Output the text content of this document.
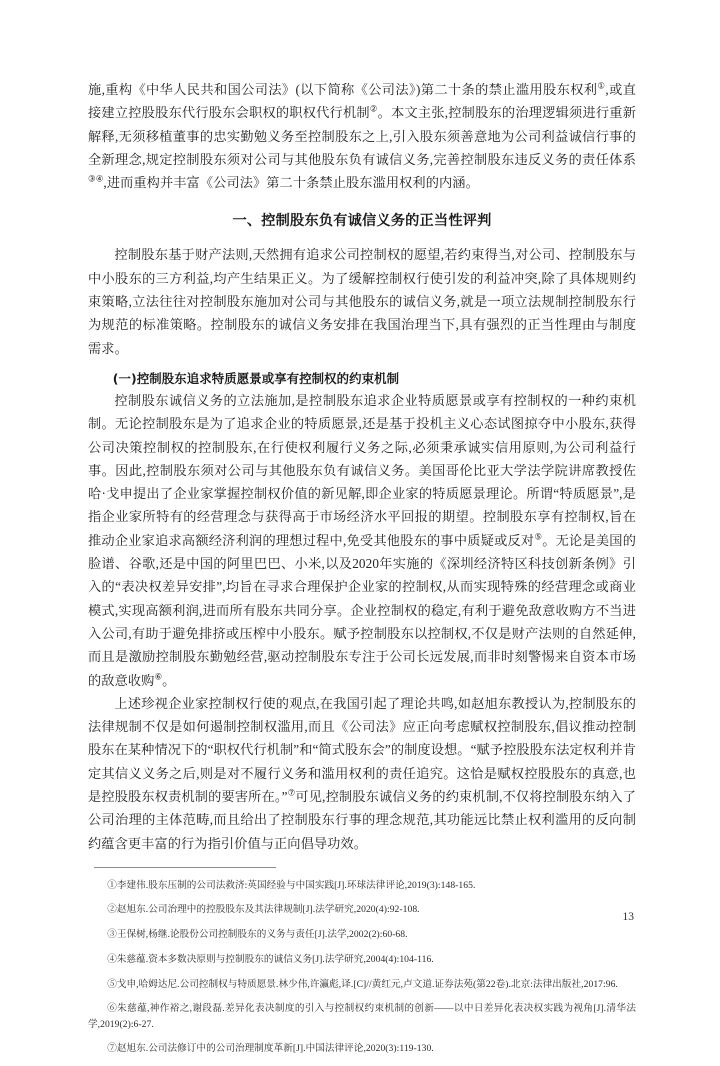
施,重构《中华人民共和国公司法》(以下简称《公司法》)第二十条的禁止滥用股东权利①,或直接建立控股股东代行股东会职权的职权代行机制②。本文主张,控制股东的治理逻辑须进行重新解释,无须移植董事的忠实勤勉义务至控制股东之上,引入股东须善意地为公司利益诚信行事的全新理念,规定控制股东须对公司与其他股东负有诚信义务,完善控制股东违反义务的责任体系③④,进而重构并丰富《公司法》第二十条禁止股东滥用权利的内涵。

一、控制股东负有诚信义务的正当性评判

控制股东基于财产法则,天然拥有追求公司控制权的愿望,若约束得当,对公司、控制股东与中小股东的三方利益,均产生结果正义。为了缓解控制权行使引发的利益冲突,除了具体规则约束策略,立法往往对控制股东施加对公司与其他股东的诚信义务,就是一项立法规制控制股东行为规范的标准策略。控制股东的诚信义务安排在我国治理当下,具有强烈的正当性理由与制度需求。

(一)控制股东追求特质愿景或享有控制权的约束机制

控制股东诚信义务的立法施加,是控制股东追求企业特质愿景或享有控制权的一种约束机制。无论控制股东是为了追求企业的特质愿景,还是基于投机主义心态试图掠夺中小股东,获得公司决策控制权的控制股东,在行使权利履行义务之际,必须秉承诚实信用原则,为公司利益行事。因此,控制股东须对公司与其他股东负有诚信义务。美国哥伦比亚大学法学院讲席教授佐哈·戈申提出了企业家掌握控制权价值的新见解,即企业家的特质愿景理论。所谓“特质愿景”,是指企业家所特有的经营理念与获得高于市场经济水平回报的期望。控制股东享有控制权,旨在推动企业家追求高额经济利润的理想过程中,免受其他股东的事中质疑或反对⑤。无论是美国的脸谱、谷歌,还是中国的阿里巴巴、小米,以及2020年实施的《深圳经济特区科技创新条例》引入的“表决权差异安排”,均旨在寻求合理保护企业家的控制权,从而实现特殊的经营理念或商业模式,实现高额利润,进而所有股东共同分享。企业控制权的稳定,有利于避免敌意收购方不当进入公司,有助于避免排挤或压榨中小股东。赋予控制股东以控制权,不仅是财产法则的自然延伸,而且是激励控制股东勤勉经营,驱动控制股东专注于公司长远发展,而非时刻警惕来自资本市场的敌意收购⑥。

上述珍视企业家控制权行使的观点,在我国引起了理论共鸣,如赵旭东教授认为,控制股东的法律规制不仅是如何遏制控制权滥用,而且《公司法》应正向考虑赋权控制股东,倡议推动控制股东在某种情况下的“职权代行机制”和“简式股东会”的制度设想。“赋予控股股东法定权利并肯定其信义义务之后,则是对不履行义务和滥用权利的责任追究。这恰是赋权控股股东的真意,也是控股股东权责机制的要害所在。”⑦可见,控制股东诚信义务的约束机制,不仅将控制股东纳入了公司治理的主体范畴,而且给出了控制股东行事的理念规范,其功能远比禁止权利滥用的反向制约蕴含更丰富的行为指引价值与正向倡导功效。

①李建伟.股东压制的公司法救济:英国经验与中国实践[J].环球法律评论,2019(3):148-165.

②赵旭东.公司治理中的控股股东及其法律规制[J].法学研究,2020(4):92-108.

③王保树,杨继.论股份公司控制股东的义务与责任[J].法学,2002(2):60-68.

④朱慈蕴.资本多数决原则与控制股东的诚信义务[J].法学研究,2004(4):104-116.

⑤戈申,哈姆达尼.公司控制权与特质愿景.林少伟,许瀛彪,译.[C]//黄红元,卢文道.证券法苑(第22卷).北京:法律出版社,2017:96.

⑥朱慈蕴,神作裕之,谢段磊.差异化表决制度的引入与控制权约束机制的创新——以中日差异化表决权实践为视角[J].清华法学,2019(2):6-27.

⑦赵旭东.公司法修订中的公司治理制度革新[J].中国法律评论,2020(3):119-130.

13
